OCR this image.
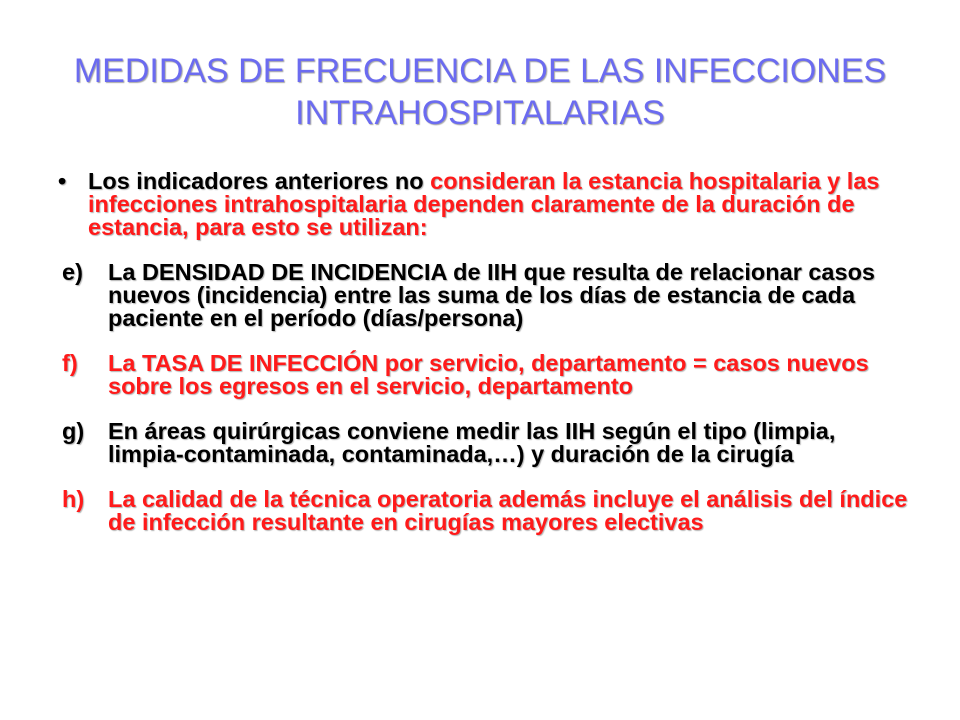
MEDIDAS DE FRECUENCIA DE LAS INFECCIONES
INTRAHOSPITALARIAS
• Los indicadores anteriores no consideran la estancia hospitalaria y las infecciones intrahospitalaria dependen claramente de la duración de estancia, para esto se utilizan:
e)	La DENSIDAD DE INCIDENCIA de IIH que resulta de relacionar casos nuevos (incidencia) entre las suma de los días de estancia de cada paciente en el período (días/persona)
f)	La TASA DE INFECCIÓN por servicio, departamento = casos nuevos sobre los egresos en el servicio, departamento
g)	En áreas quirúrgicas conviene medir las IIH según el tipo (limpia, limpia-contaminada, contaminada,…) y duración de la cirugía
h)	La calidad de la técnica operatoria además incluye el análisis del índice de infección resultante en cirugías mayores electivas
